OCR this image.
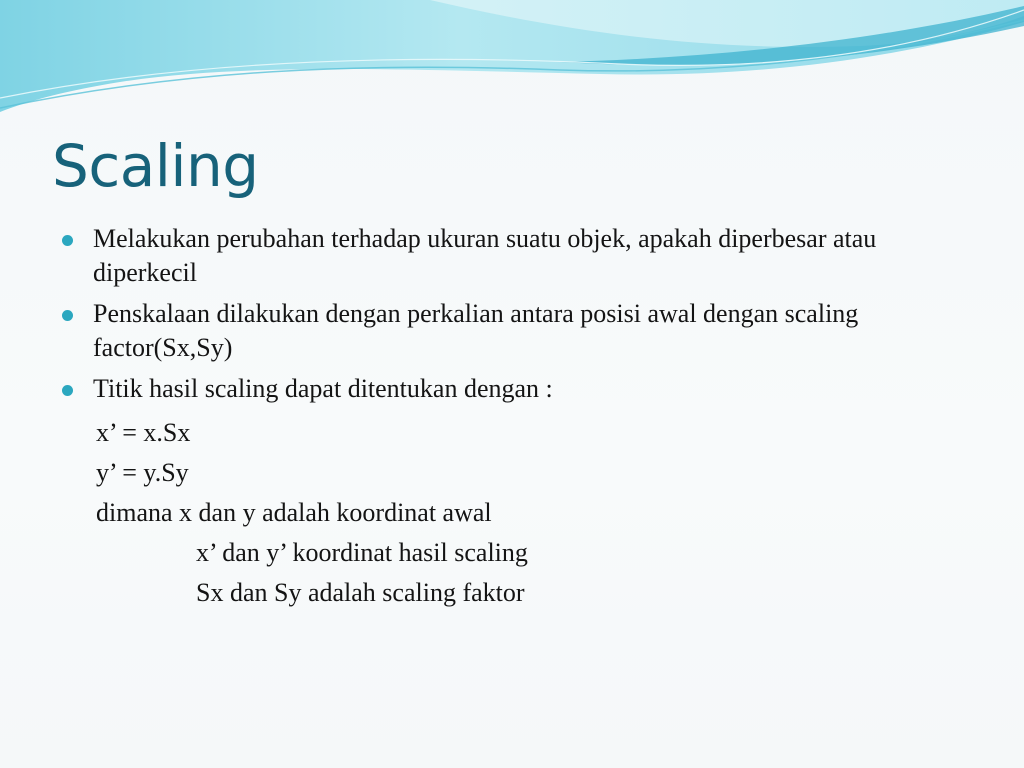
Scaling
Melakukan perubahan terhadap ukuran suatu objek, apakah diperbesar atau diperkecil
Penskalaan dilakukan dengan perkalian antara posisi awal dengan scaling factor(Sx,Sy)
Titik hasil scaling dapat ditentukan dengan :

x’ = x.Sx

y’ = y.Sy

dimana x dan y adalah koordinat awal

x’ dan y’ koordinat hasil scaling

Sx dan Sy adalah scaling faktor
